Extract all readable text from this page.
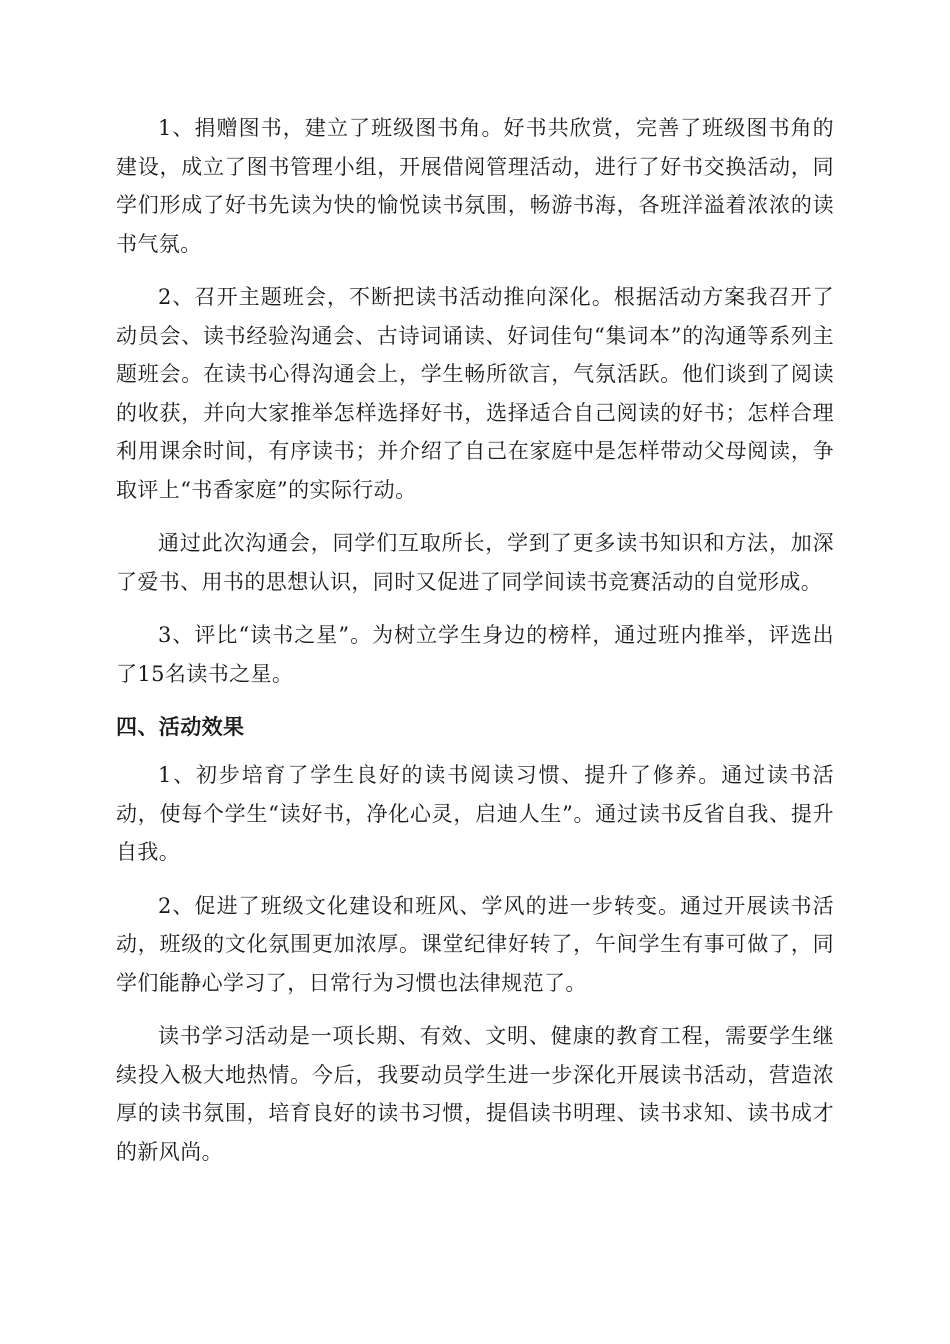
1、捐赠图书，建立了班级图书角。好书共欣赏，完善了班级图书角的建设，成立了图书管理小组，开展借阅管理活动，进行了好书交换活动，同学们形成了好书先读为快的愉悦读书氛围，畅游书海，各班洋溢着浓浓的读书气氛。

2、召开主题班会，不断把读书活动推向深化。根据活动方案我召开了动员会、读书经验沟通会、古诗词诵读、好词佳句“集词本”的沟通等系列主题班会。在读书心得沟通会上，学生畅所欲言，气氛活跃。他们谈到了阅读的收获，并向大家推举怎样选择好书，选择适合自己阅读的好书；怎样合理利用课余时间，有序读书；并介绍了自己在家庭中是怎样带动父母阅读，争取评上“书香家庭”的实际行动。

通过此次沟通会，同学们互取所长，学到了更多读书知识和方法，加深了爱书、用书的思想认识，同时又促进了同学间读书竞赛活动的自觉形成。

3、评比“读书之星”。为树立学生身边的榜样，通过班内推举，评选出了15名读书之星。

四、活动效果

1、初步培育了学生良好的读书阅读习惯、提升了修养。通过读书活动，使每个学生“读好书，净化心灵，启迪人生”。通过读书反省自我、提升自我。

2、促进了班级文化建设和班风、学风的进一步转变。通过开展读书活动，班级的文化氛围更加浓厚。课堂纪律好转了，午间学生有事可做了，同学们能静心学习了，日常行为习惯也法律规范了。

读书学习活动是一项长期、有效、文明、健康的教育工程，需要学生继续投入极大地热情。今后，我要动员学生进一步深化开展读书活动，营造浓厚的读书氛围，培育良好的读书习惯，提倡读书明理、读书求知、读书成才的新风尚。
